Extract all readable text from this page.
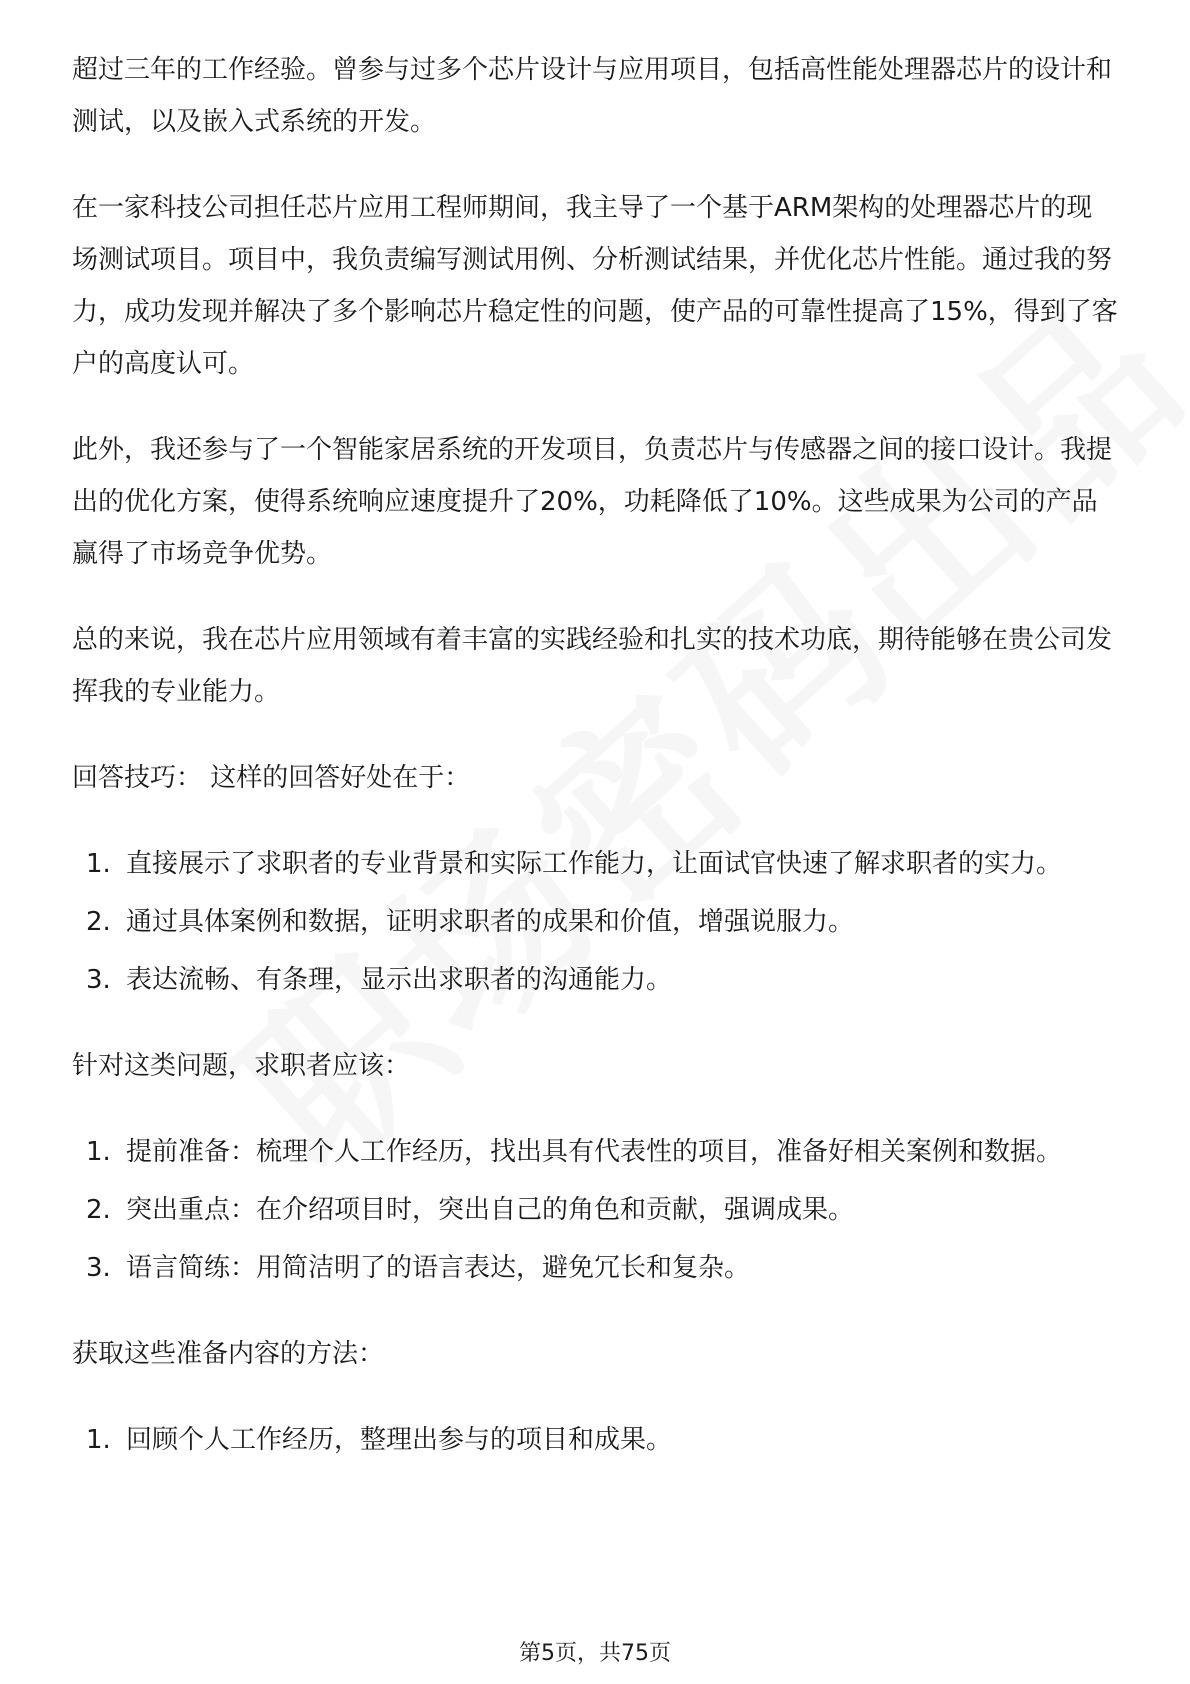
超过三年的工作经验。曾参与过多个芯片设计与应用项目，包括高性能处理器芯片的设计和测试，以及嵌入式系统的开发。

在一家科技公司担任芯片应用工程师期间，我主导了一个基于ARM架构的处理器芯片的现场测试项目。项目中，我负责编写测试用例、分析测试结果，并优化芯片性能。通过我的努力，成功发现并解决了多个影响芯片稳定性的问题，使产品的可靠性提高了15%，得到了客户的高度认可。

此外，我还参与了一个智能家居系统的开发项目，负责芯片与传感器之间的接口设计。我提出的优化方案，使得系统响应速度提升了20%，功耗降低了10%。这些成果为公司的产品赢得了市场竞争优势。

总的来说，我在芯片应用领域有着丰富的实践经验和扎实的技术功底，期待能够在贵公司发挥我的专业能力。

回答技巧： 这样的回答好处在于：

1. 直接展示了求职者的专业背景和实际工作能力，让面试官快速了解求职者的实力。
2. 通过具体案例和数据，证明求职者的成果和价值，增强说服力。
3. 表达流畅、有条理，显示出求职者的沟通能力。

针对这类问题，求职者应该：

1. 提前准备：梳理个人工作经历，找出具有代表性的项目，准备好相关案例和数据。
2. 突出重点：在介绍项目时，突出自己的角色和贡献，强调成果。
3. 语言简练：用简洁明了的语言表达，避免冗长和复杂。

获取这些准备内容的方法：

1. 回顾个人工作经历，整理出参与的项目和成果。
第5页，共75页
